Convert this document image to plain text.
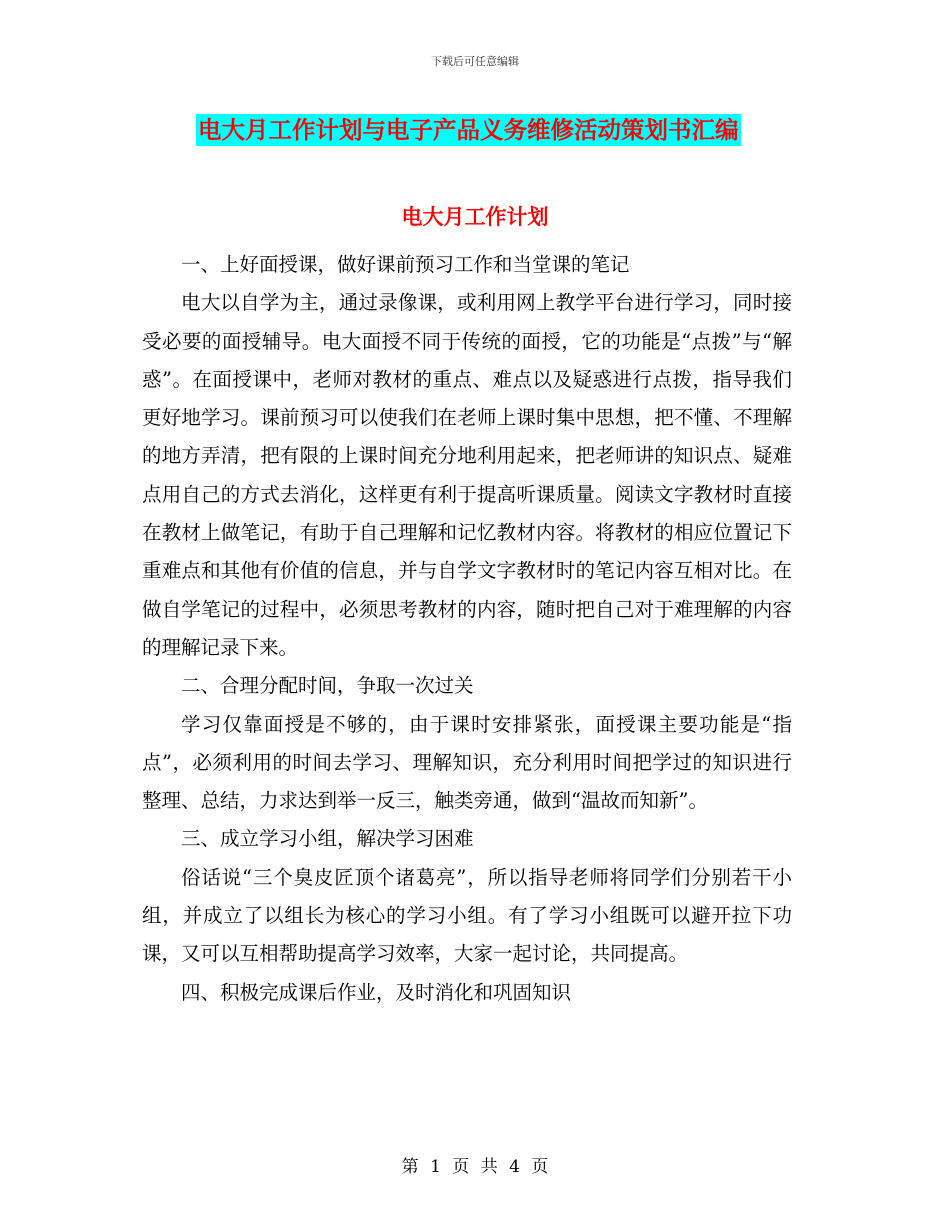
下载后可任意编辑
电大月工作计划与电子产品义务维修活动策划书汇编
电大月工作计划

一、上好面授课，做好课前预习工作和当堂课的笔记

电大以自学为主，通过录像课，或利用网上教学平台进行学习，同时接受必要的面授辅导。电大面授不同于传统的面授，它的功能是“点拨”与“解惑”。在面授课中，老师对教材的重点、难点以及疑惑进行点拨，指导我们更好地学习。课前预习可以使我们在老师上课时集中思想，把不懂、不理解的地方弄清，把有限的上课时间充分地利用起来，把老师讲的知识点、疑难点用自己的方式去消化，这样更有利于提高听课质量。阅读文字教材时直接在教材上做笔记，有助于自己理解和记忆教材内容。将教材的相应位置记下重难点和其他有价值的信息，并与自学文字教材时的笔记内容互相对比。在做自学笔记的过程中，必须思考教材的内容，随时把自己对于难理解的内容的理解记录下来。

二、合理分配时间，争取一次过关

学习仅靠面授是不够的，由于课时安排紧张，面授课主要功能是“指点”，必须利用的时间去学习、理解知识，充分利用时间把学过的知识进行整理、总结，力求达到举一反三，触类旁通，做到“温故而知新”。

三、成立学习小组，解决学习困难

俗话说“三个臭皮匠顶个诸葛亮”，所以指导老师将同学们分别若干小组，并成立了以组长为核心的学习小组。有了学习小组既可以避开拉下功课，又可以互相帮助提高学习效率，大家一起讨论，共同提高。

四、积极完成课后作业，及时消化和巩固知识

第 1 页 共 4 页
